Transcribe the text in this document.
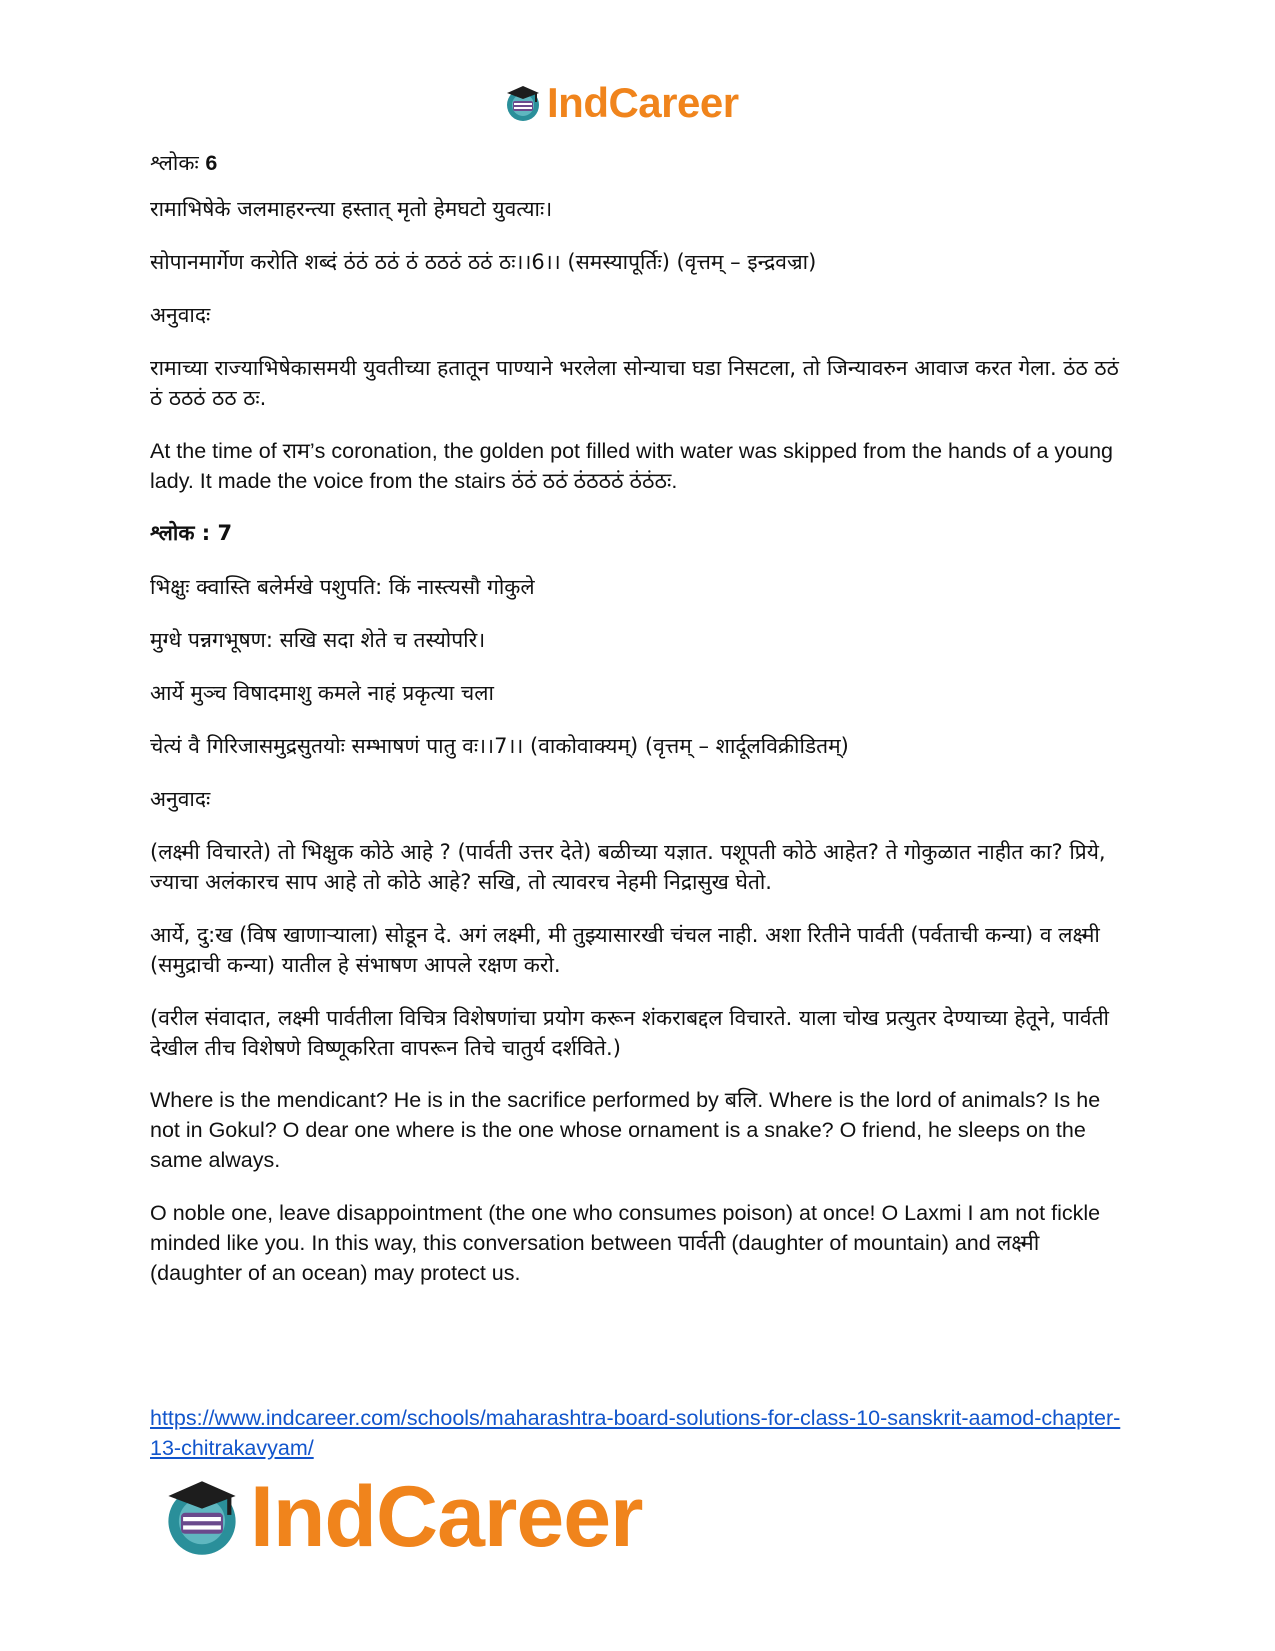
IndCareer

श्लोकः 6

रामाभिषेके जलमाहरन्त्या हस्तात् मृतो हेमघटो युवत्याः।

सोपानमार्गेण करोति शब्दं ठंठं ठठं ठं ठठठं ठठं ठः।।6।। (समस्यापूर्तिः) (वृत्तम् – इन्द्रवज्रा)

अनुवादः

रामाच्या राज्याभिषेकासमयी युवतीच्या हतातून पाण्याने भरलेला सोन्याचा घडा निसटला, तो जिन्यावरुन आवाज करत गेला. ठंठ ठठं ठं ठठठं ठठ ठः.

At the time of राम’s coronation, the golden pot filled with water was skipped from the hands of a young lady. It made the voice from the stairs ठंठं ठठं ठंठठठं ठंठंठः.

श्लोक : 7

भिक्षुः क्वास्ति बलेर्मखे पशुपति: किं नास्त्यसौ गोकुले

मुग्धे पन्नगभूषण: सखि सदा शेते च तस्योपरि।

आर्ये मुञ्च विषादमाशु कमले नाहं प्रकृत्या चला

चेत्यं वै गिरिजासमुद्रसुतयोः सम्भाषणं पातु वः।।7।। (वाकोवाक्यम्) (वृत्तम् – शार्दूलविक्रीडितम्)

अनुवादः

(लक्ष्मी विचारते) तो भिक्षुक कोठे आहे ? (पार्वती उत्तर देते) बळीच्या यज्ञात. पशूपती कोठे आहेत? ते गोकुळात नाहीत का? प्रिये, ज्याचा अलंकारच साप आहे तो कोठे आहे? सखि, तो त्यावरच नेहमी निद्रासुख घेतो.

आर्ये, दु:ख (विष खाणाऱ्याला) सोडून दे. अगं लक्ष्मी, मी तुझ्यासारखी चंचल नाही. अशा रितीने पार्वती (पर्वताची कन्या) व लक्ष्मी (समुद्राची कन्या) यातील हे संभाषण आपले रक्षण करो.

(वरील संवादात, लक्ष्मी पार्वतीला विचित्र विशेषणांचा प्रयोग करून शंकराबद्दल विचारते. याला चोख प्रत्युतर देण्याच्या हेतूने, पार्वती देखील तीच विशेषणे विष्णूकरिता वापरून तिचे चातुर्य दर्शविते.)

Where is the mendicant? He is in the sacrifice performed by बलि. Where is the lord of animals? Is he not in Gokul? O dear one where is the one whose ornament is a snake? O friend, he sleeps on the same always.

O noble one, leave disappointment (the one who consumes poison) at once! O Laxmi I am not fickle minded like you. In this way, this conversation between पार्वती (daughter of mountain) and लक्ष्मी (daughter of an ocean) may protect us.

https://www.indcareer.com/schools/maharashtra-board-solutions-for-class-10-sanskrit-aamod-chapter-13-chitrakavyam/
IndCareer
